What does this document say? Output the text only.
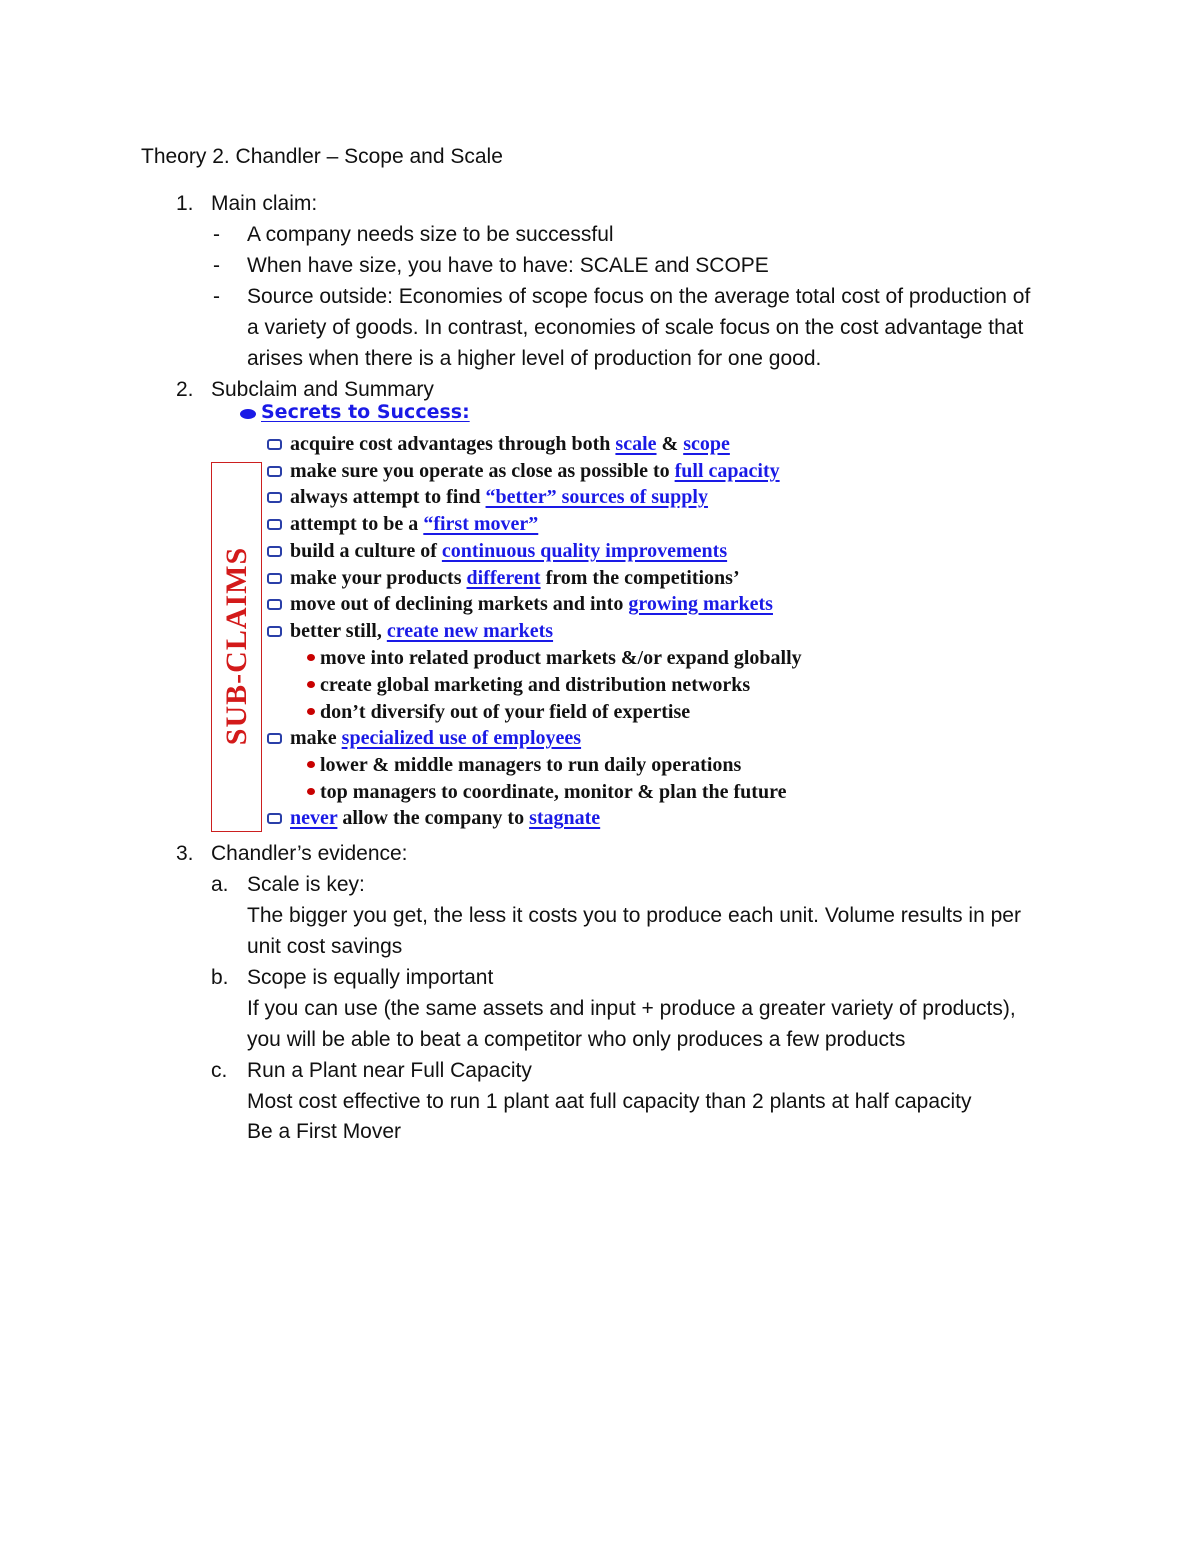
Theory 2. Chandler – Scope and Scale
1. Main claim:
- A company needs size to be successful
- When have size, you have to have: SCALE and SCOPE
- Source outside: Economies of scope focus on the average total cost of production of
a variety of goods. In contrast, economies of scale focus on the cost advantage that
arises when there is a higher level of production for one good.
2. Subclaim and Summary
Secrets to Success:
SUB-CLAIMS
acquire cost advantages through both scale & scope
make sure you operate as close as possible to full capacity
always attempt to find “better” sources of supply
attempt to be a “first mover”
build a culture of continuous quality improvements
make your products different from the competitions’
move out of declining markets and into growing markets
better still, create new markets
move into related product markets &/or expand globally
create global marketing and distribution networks
don’t diversify out of your field of expertise
make specialized use of employees
lower & middle managers to run daily operations
top managers to coordinate, monitor & plan the future
never allow the company to stagnate
3. Chandler’s evidence:
a. Scale is key:
The bigger you get, the less it costs you to produce each unit. Volume results in per
unit cost savings
b. Scope is equally important
If you can use (the same assets and input + produce a greater variety of products),
you will be able to beat a competitor who only produces a few products
c. Run a Plant near Full Capacity
Most cost effective to run 1 plant aat full capacity than 2 plants at half capacity
Be a First Mover
